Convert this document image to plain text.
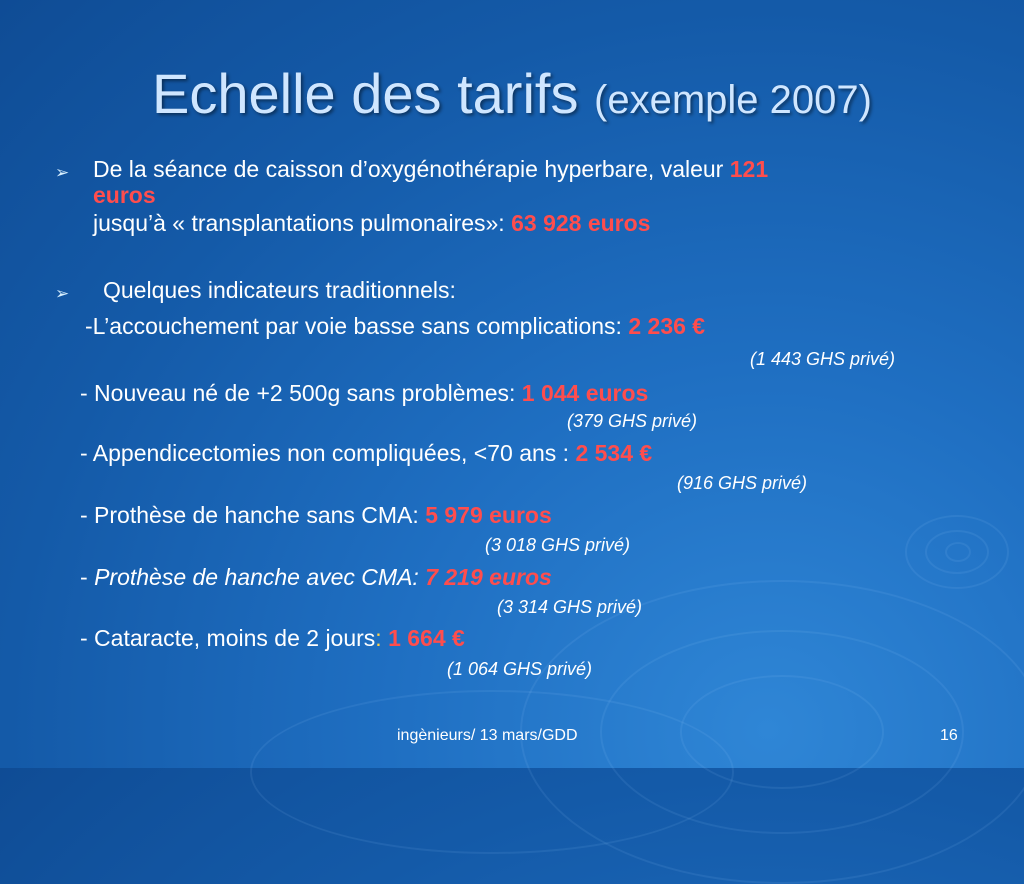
Echelle des tarifs (exemple 2007)
➢ De la séance de caisson d’oxygénothérapie hyperbare, valeur 121
euros
jusqu’à « transplantations pulmonaires»: 63 928 euros
➢ Quelques indicateurs traditionnels:
-L’accouchement par voie basse sans complications: 2 236 €
(1 443 GHS privé)
- Nouveau né de +2 500g sans problèmes: 1 044 euros
(379 GHS privé)
- Appendicectomies non compliquées, <70 ans : 2 534 €
(916 GHS privé)
- Prothèse de hanche sans CMA: 5 979 euros
(3 018 GHS privé)
- Prothèse de hanche avec CMA: 7 219 euros
(3 314 GHS privé)
- Cataracte, moins de 2 jours: 1 664 €
(1 064 GHS privé)
ingènieurs/ 13 mars/GDD	16
